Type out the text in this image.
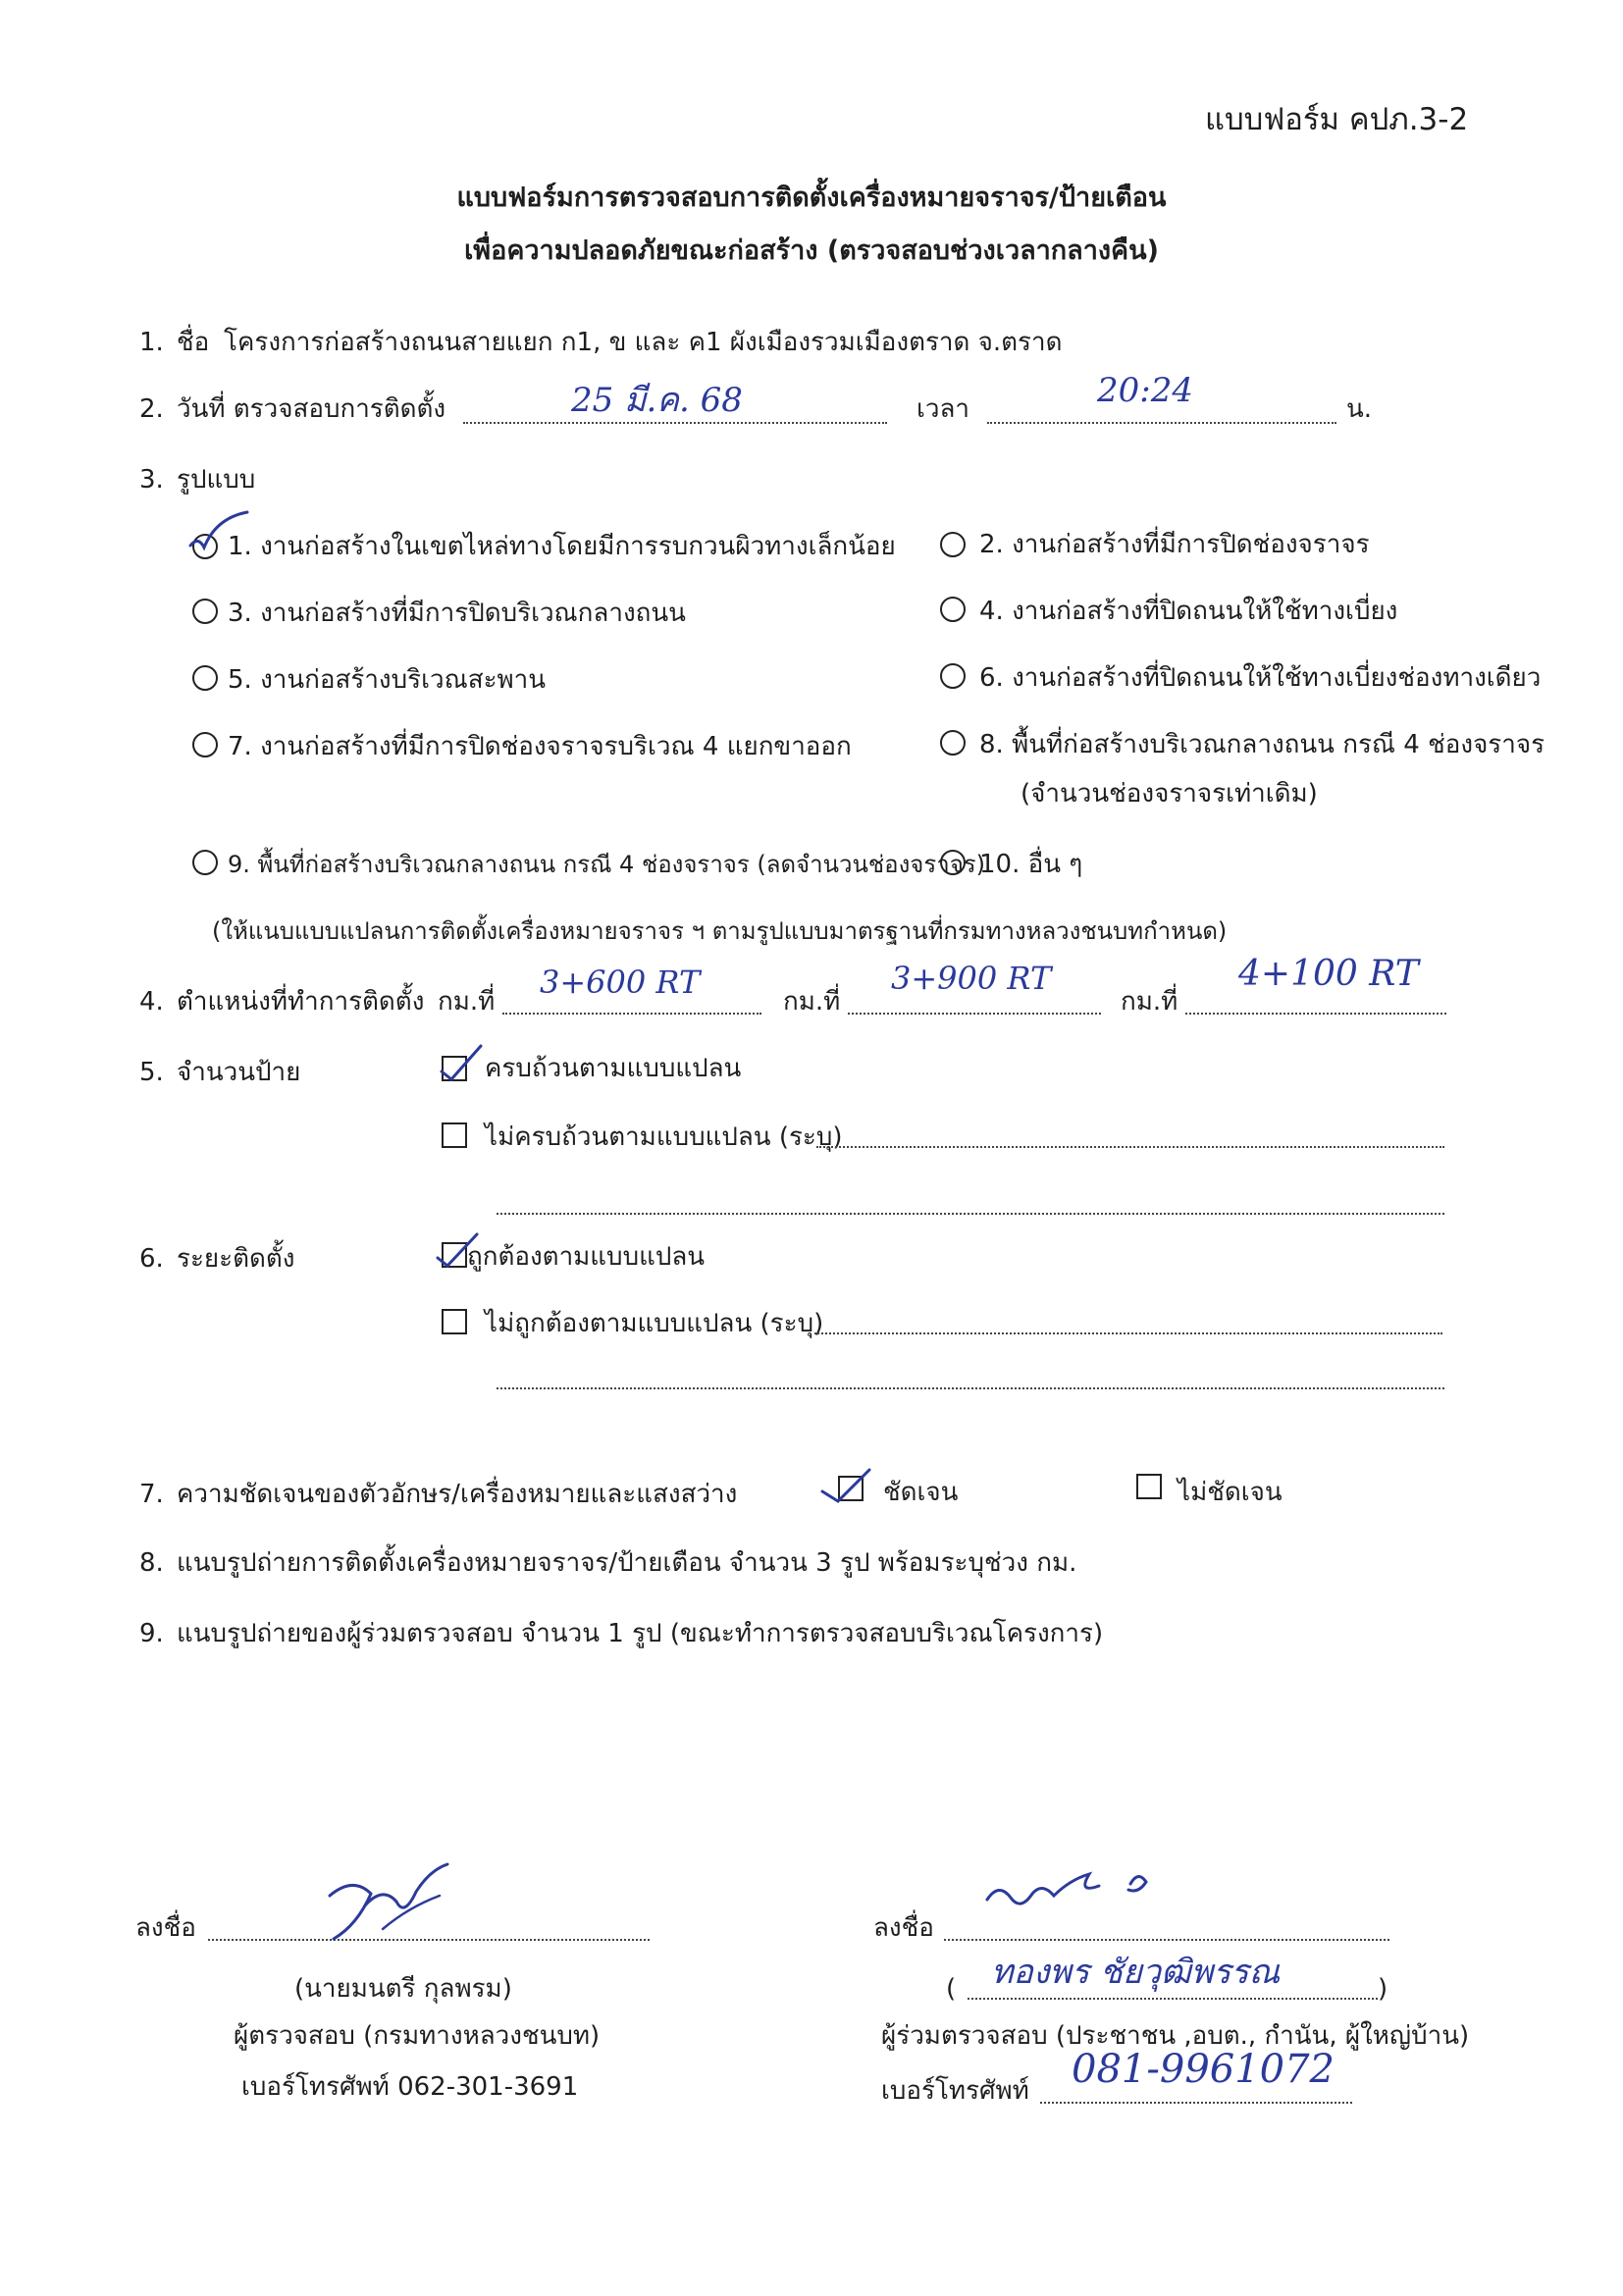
แบบฟอร์ม คปภ.3-2
แบบฟอร์มการตรวจสอบการติดตั้งเครื่องหมายจราจร/ป้ายเตือน
เพื่อความปลอดภัยขณะก่อสร้าง (ตรวจสอบช่วงเวลากลางคืน)
1. ชื่อ โครงการก่อสร้างถนนสายแยก ก1, ข และ ค1 ผังเมืองรวมเมืองตราด จ.ตราด
2. วันที่ ตรวจสอบการติดตั้ง	25 มี.ค. 68	เวลา	20:24	น.
3. รูปแบบ
1. งานก่อสร้างในเขตไหล่ทางโดยมีการรบกวนผิวทางเล็กน้อย	2. งานก่อสร้างที่มีการปิดช่องจราจร
3. งานก่อสร้างที่มีการปิดบริเวณกลางถนน	4. งานก่อสร้างที่ปิดถนนให้ใช้ทางเบี่ยง
5. งานก่อสร้างบริเวณสะพาน	6. งานก่อสร้างที่ปิดถนนให้ใช้ทางเบี่ยงช่องทางเดียว
7. งานก่อสร้างที่มีการปิดช่องจราจรบริเวณ 4 แยกขาออก	8. พื้นที่ก่อสร้างบริเวณกลางถนน กรณี 4 ช่องจราจร
(จำนวนช่องจราจรเท่าเดิม)
9. พื้นที่ก่อสร้างบริเวณกลางถนน กรณี 4 ช่องจราจร (ลดจำนวนช่องจราจร)
10. อื่น ๆ
(ให้แนบแบบแปลนการติดตั้งเครื่องหมายจราจร ฯ ตามรูปแบบมาตรฐานที่กรมทางหลวงชนบทกำหนด)
4. ตำแหน่งที่ทำการติดตั้ง กม.ที่
3+600 RT
กม.ที่
3+900 RT
กม.ที่
4+100 RT
5. จำนวนป้าย	ครบถ้วนตามแบบแปลน
ไม่ครบถ้วนตามแบบแปลน (ระบุ)
6. ระยะติดตั้ง	ถูกต้องตามแบบแปลน
ไม่ถูกต้องตามแบบแปลน (ระบุ)
7. ความชัดเจนของตัวอักษร/เครื่องหมายและแสงสว่าง	ชัดเจน	ไม่ชัดเจน
8. แนบรูปถ่ายการติดตั้งเครื่องหมายจราจร/ป้ายเตือน จำนวน 3 รูป พร้อมระบุช่วง กม.
9. แนบรูปถ่ายของผู้ร่วมตรวจสอบ จำนวน 1 รูป (ขณะทำการตรวจสอบบริเวณโครงการ)
ลงชื่อ
(นายมนตรี กุลพรม)
ผู้ตรวจสอบ (กรมทางหลวงชนบท)
เบอร์โทรศัพท์ 062-301-3691
ลงชื่อ
( ทองพร ชัยวุฒิพรรณ	)
ผู้ร่วมตรวจสอบ (ประชาชน ,อบต., กำนัน, ผู้ใหญ่บ้าน)
เบอร์โทรศัพท์ 081-9961072
